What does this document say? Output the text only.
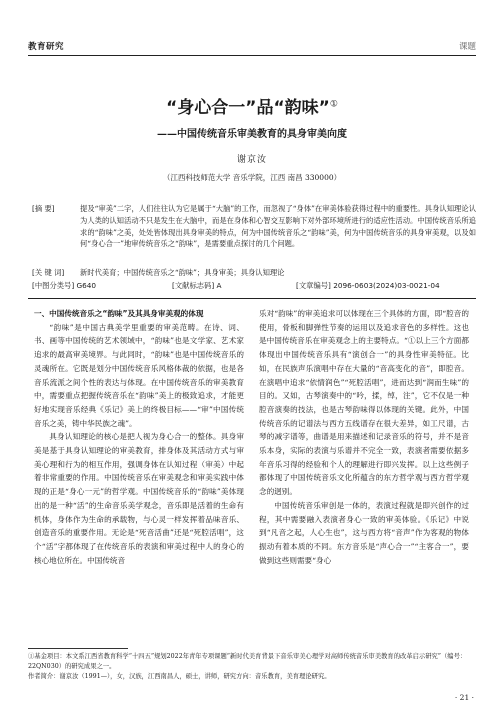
教育研究	课题
“身心合一”品“韵味”①
——中国传统音乐审美教育的具身审美向度
谢京汝
（江西科技师范大学 音乐学院，江西 南昌 330000）
[摘 要]	提及“审美”二字，人们往往认为它是属于“大脑”的工作，而忽视了“身体”在审美体验获得过程中的重要性。具身认知理论认为人类的认知活动不只是发生在大脑中，而是在身体和心智交互影响下对外部环境所进行的适应性活动。中国传统音乐所追求的“韵味”之美，处处皆体现出具身审美的特点，何为中国传统音乐之“韵味”美，何为中国传统音乐的具身审美观，以及如何“身心合一”地审传统音乐之“韵味”，是需要重点探讨的几个问题。
[关 键 词] 新时代美育；中国传统音乐之“韵味”；具身审美；具身认知理论
[中图分类号] G640	[文献标志码] A	[文章编号] 2096-0603(2024)03-0021-04

一、中国传统音乐之“韵味”及其具身审美观的体现

“韵味”是中国古典美学里重要的审美范畴。在诗、词、书、画等中国传统的艺术领域中，“韵味”也是文学家、艺术家追求的最高审美境界。与此同时，“韵味”也是中国传统音乐的灵魂所在。它既是划分中国传统音乐风格体裁的依据，也是各音乐流派之间个性的表达与体现。在中国传统音乐的审美教育中，需要重点把握传统音乐在“韵味”美上的极致追求，才能更好地实现音乐经典《乐记》美上的终极目标——“审”中国传统音乐之美，铸中华民族之魂”。

具身认知理论的核心是把人视为身心合一的整体。具身审美是基于具身认知理论的审美教育，排身体及其活动方式与审美心理和行为的相互作用，强调身体在认知过程（审美）中起着非常重要的作用。中国传统音乐在审美观念和审美实践中体现的正是“身心一元”的哲学观。中国传统音乐的“韵味”美体现出的是一种“活”的生命音乐美学观念，音乐即是活着的生命有机体，身体作为生命的承载物，与心灵一样发挥着品味音乐、创造音乐的重要作用。无论是“死音活曲”还是“死腔活唱”，这个“活”字都体现了在传统音乐的表演和审美过程中人的身心的核心地位所在。中国传统音

乐对“韵味”的审美追求可以体现在三个具体的方面，即“腔音的使用，骨板和脚弹性节奏的运用以及追求音色的多样性。这也是中国传统音乐在审美观念上的主要特点。“①以上三个方面都体现出中国传统音乐具有“演创合一”的具身性审美特征。比如，在民族声乐演唱中存在大量的“音高变化的音”，即腔音。在演唱中追求“依情润色”“死腔活唱”，进而达到“润而生味”的目的。又如，古琴演奏中的“吟，揉，绰，注”，它不仅是一种腔音演奏的技法，也是古琴韵味得以体现的关键。此外，中国传统音乐的记谱法与西方五线谱存在很大差异，如工尺谱，古琴的减字谱等，曲谱是用来描述和记录音乐的符号，并不是音乐本身，实际的表演与乐谱并不完全一致，表演者需要依据多年音乐习得的经验和个人的理解进行即兴发挥。以上这些例子都体现了中国传统音乐文化所蕴含的东方哲学观与西方哲学观念的迥别。

中国传统音乐审创是一体的，表演过程就是即兴创作的过程，其中需要融入表演者身心一致的审美体验。《乐记》中说到“凡音之起，人心生也”，这与西方将“音声”作为客观的物体振动有着本质的不同。东方音乐是“声心合一”“主客合一”，要做到这些则需要“身心

①基金项目：本文系江西省教育科学“十四五”规划2022年青年专项课题“新时代美育背景下音乐审美心理学对高师传统音乐审美教育的改革启示研究”（编号：22QN030）的研究成果之一。

作者简介：谢京汝（1991—），女，汉族，江西南昌人，硕士，讲师，研究方向：音乐教育，美育理论研究。

· 21 ·
